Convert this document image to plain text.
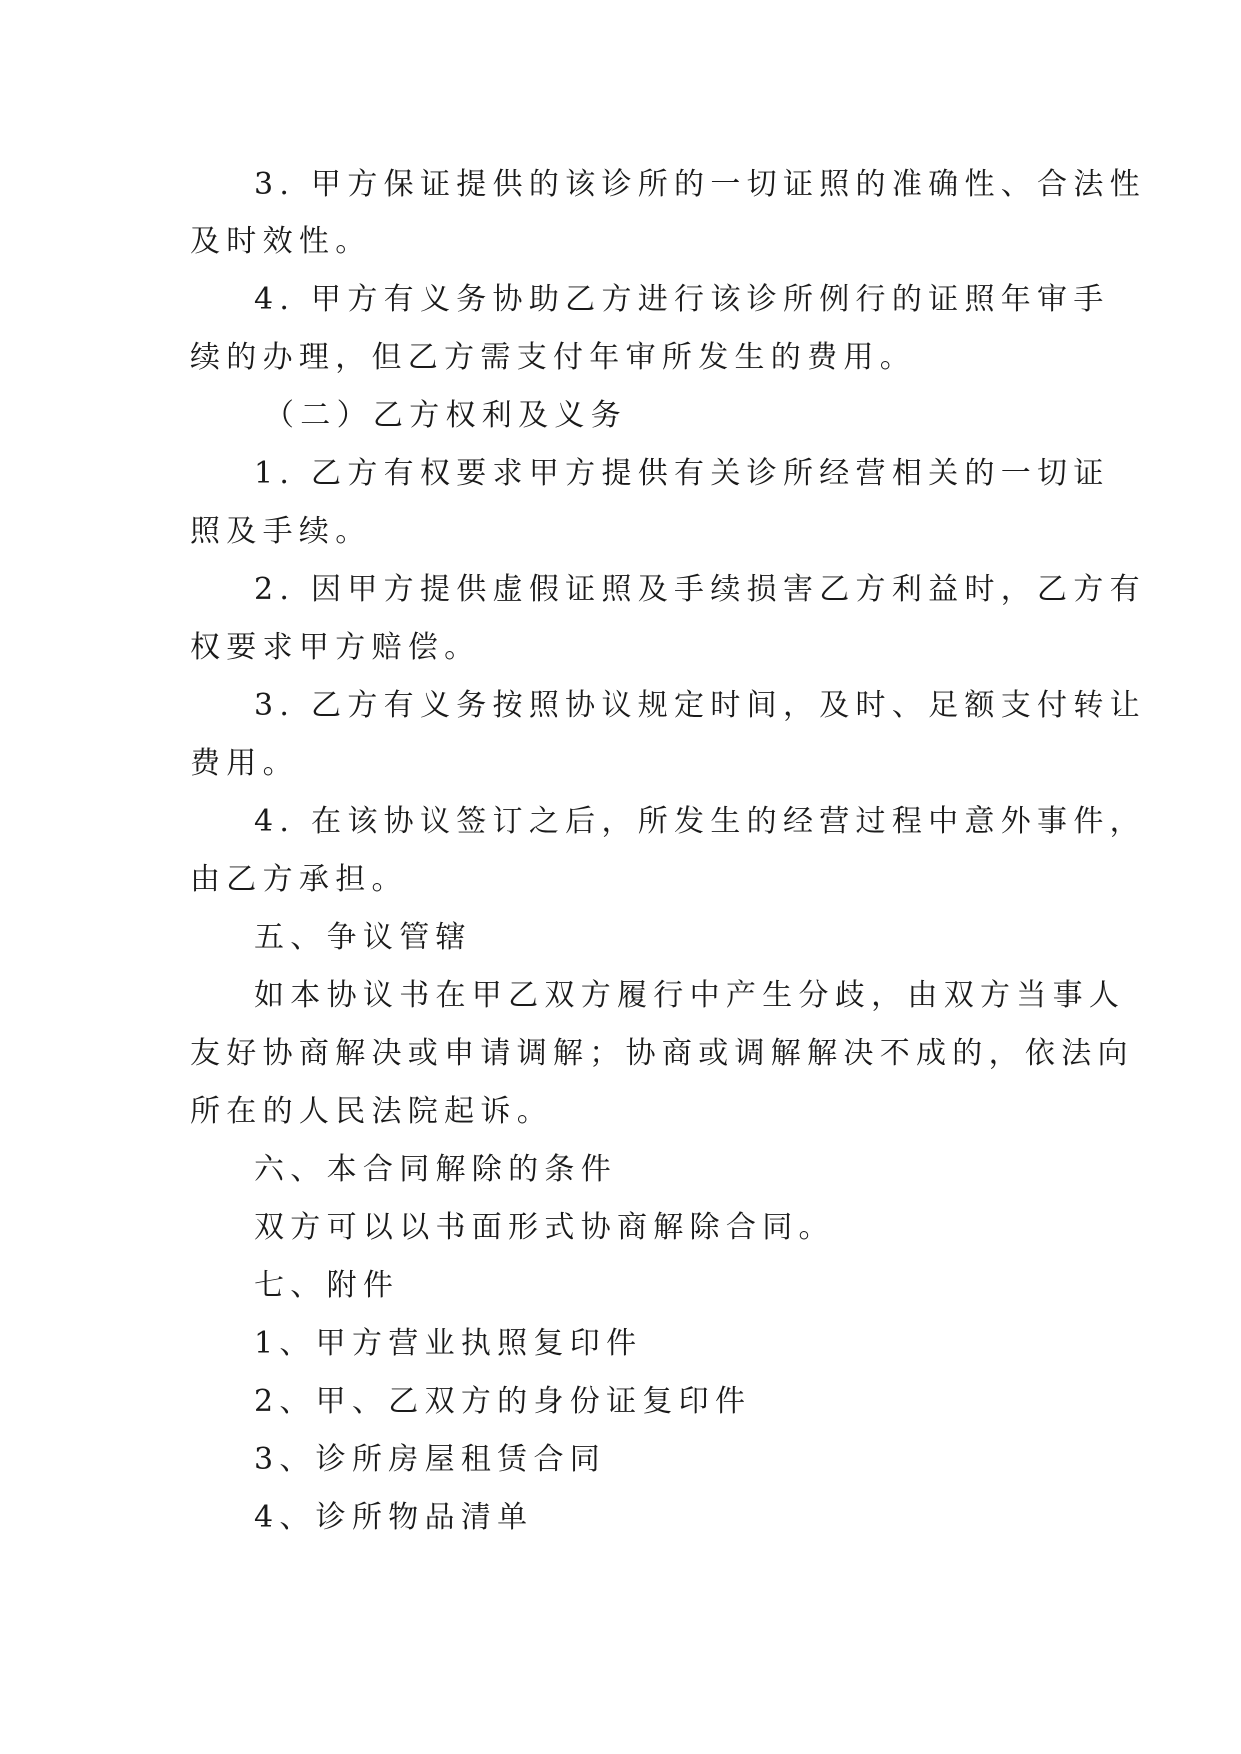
3. 甲方保证提供的该诊所的一切证照的准确性、合法性
及时效性。
4. 甲方有义务协助乙方进行该诊所例行的证照年审手
续的办理，但乙方需支付年审所发生的费用。
（二）乙方权利及义务
1. 乙方有权要求甲方提供有关诊所经营相关的一切证
照及手续。
2. 因甲方提供虚假证照及手续损害乙方利益时，乙方有
权要求甲方赔偿。
3. 乙方有义务按照协议规定时间，及时、足额支付转让
费用。
4. 在该协议签订之后，所发生的经营过程中意外事件，
由乙方承担。
五、争议管辖
如本协议书在甲乙双方履行中产生分歧，由双方当事人
友好协商解决或申请调解；协商或调解解决不成的，依法向
所在的人民法院起诉。
六、本合同解除的条件
双方可以以书面形式协商解除合同。
七、附件
1、甲方营业执照复印件
2、甲、乙双方的身份证复印件
3、诊所房屋租赁合同
4、诊所物品清单
